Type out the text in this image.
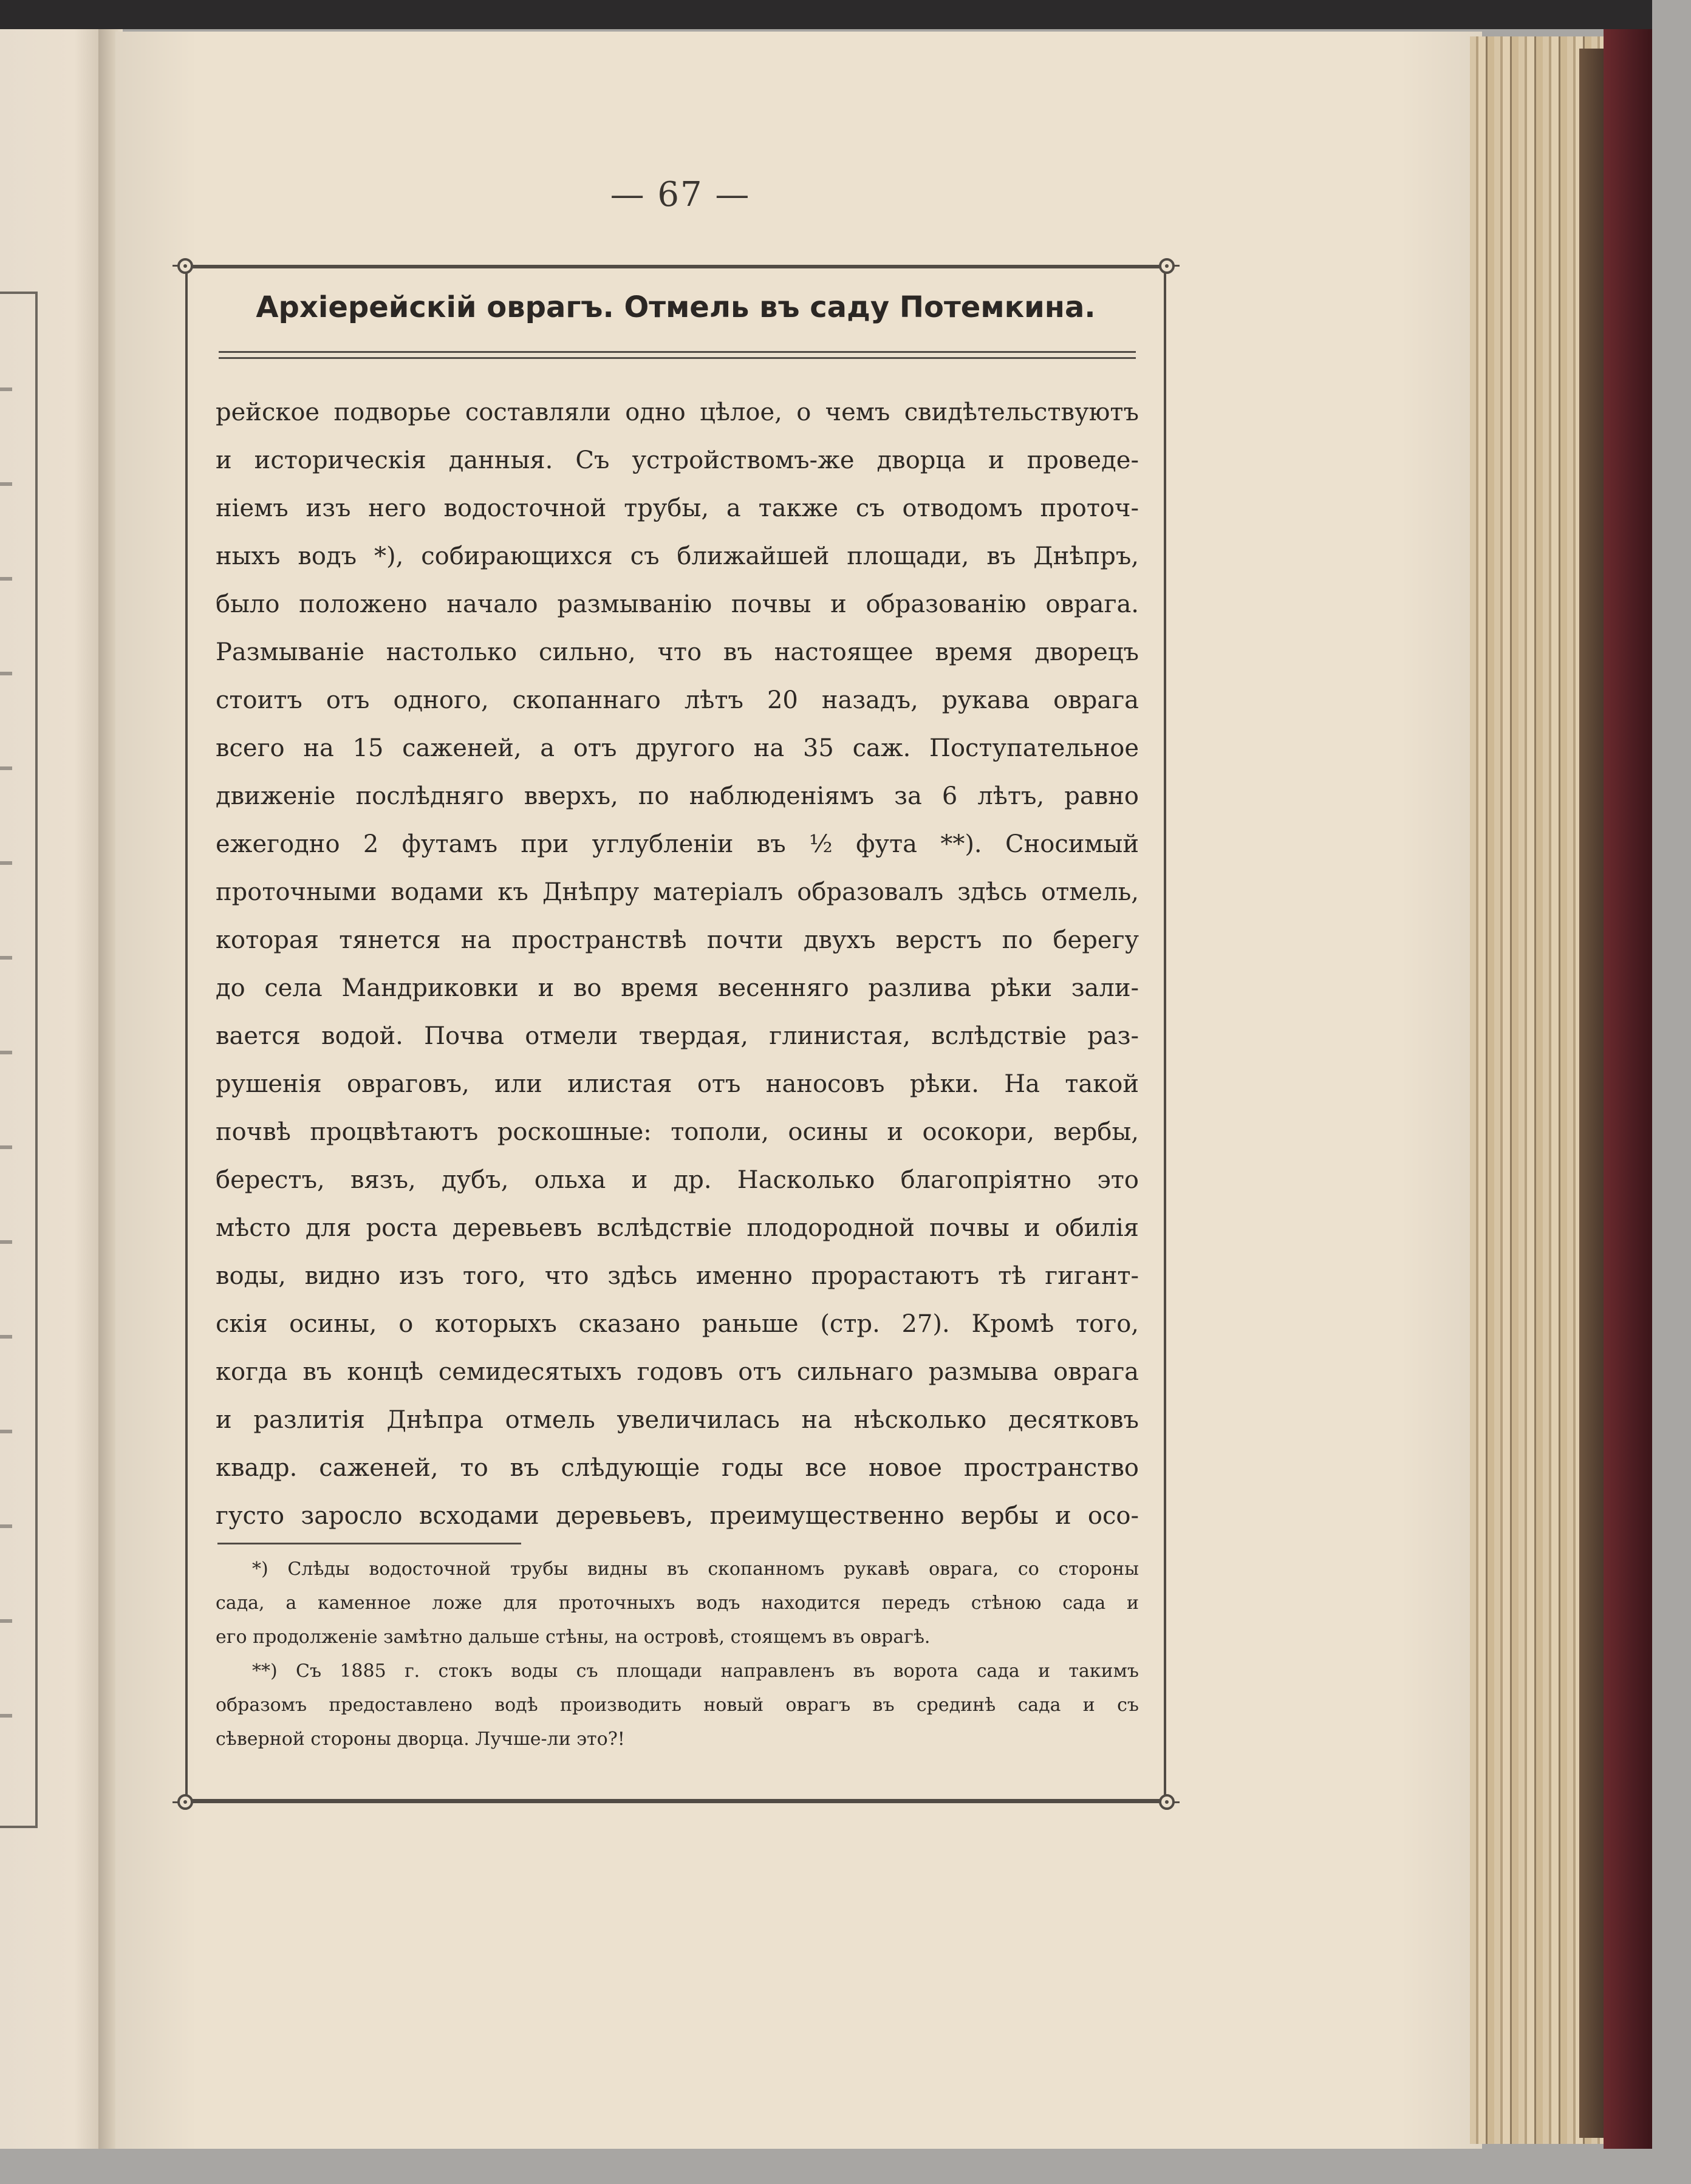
— 67 —
Архіерейскій оврагъ. Отмель въ саду Потемкина.
рейское подворье составляли одно цѣлое, о чемъ свидѣтельствуютъ
и историческія данныя. Съ устройствомъ-же дворца и проведе-
ніемъ изъ него водосточной трубы, а также съ отводомъ проточ-
ныхъ водъ *), собирающихся съ ближайшей площади, въ Днѣпръ,
было положено начало размыванію почвы и образованію оврага.
Размываніе настолько сильно, что въ настоящее время дворецъ
стоитъ отъ одного, скопаннаго лѣтъ 20 назадъ, рукава оврага
всего на 15 саженей, а отъ другого на 35 саж. Поступательное
движеніе послѣдняго вверхъ, по наблюденіямъ за 6 лѣтъ, равно
ежегодно 2 футамъ при углубленіи въ ½ фута **). Сносимый
проточными водами къ Днѣпру матеріалъ образовалъ здѣсь отмель,
которая тянется на пространствѣ почти двухъ верстъ по берегу
до села Мандриковки и во время весенняго разлива рѣки зали-
вается водой. Почва отмели твердая, глинистая, вслѣдствіе раз-
рушенія овраговъ, или илистая отъ наносовъ рѣки. На такой
почвѣ процвѣтаютъ роскошные: тополи, осины и осокори, вербы,
берестъ, вязъ, дубъ, ольха и др. Насколько благопріятно это
мѣсто для роста деревьевъ вслѣдствіе плодородной почвы и обилія
воды, видно изъ того, что здѣсь именно прорастаютъ тѣ гигант-
скія осины, о которыхъ сказано раньше (стр. 27). Кромѣ того,
когда въ концѣ семидесятыхъ годовъ отъ сильнаго размыва оврага
и разлитія Днѣпра отмель увеличилась на нѣсколько десятковъ
квадр. саженей, то въ слѣдующіе годы все новое пространство
густо заросло всходами деревьевъ, преимущественно вербы и осо-
*) Слѣды водосточной трубы видны въ скопанномъ рукавѣ оврага, со стороны
сада, а каменное ложе для проточныхъ водъ находится передъ стѣною сада и
его продолженіе замѣтно дальше стѣны, на островѣ, стоящемъ въ оврагѣ.
**) Съ 1885 г. стокъ воды съ площади направленъ въ ворота сада и такимъ
образомъ предоставлено водѣ производить новый оврагъ въ срединѣ сада и съ
сѣверной стороны дворца. Лучше-ли это?!
